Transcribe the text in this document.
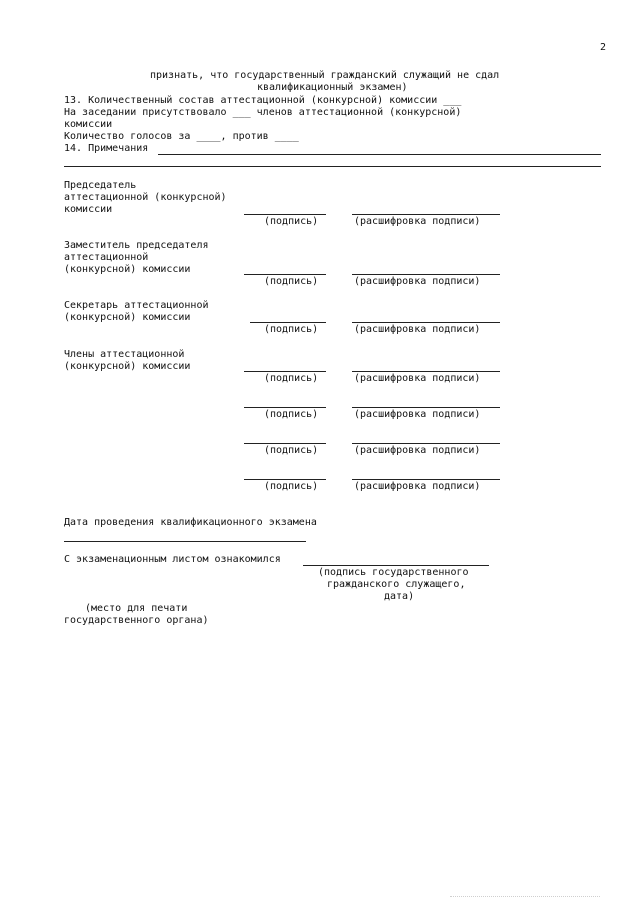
2
признать, что государственный гражданский служащий не сдал
квалификационный экзамен)
13. Количественный состав аттестационной (конкурсной) комиссии ___
На заседании присутствовало ___ членов аттестационной (конкурсной)
комиссии
Количество голосов за ____, против ____
14. Примечания
Председатель
аттестационной (конкурсной)
комиссии
(подпись)	(расшифровка подписи)
Заместитель председателя
аттестационной
(конкурсной) комиссии
(подпись)	(расшифровка подписи)
Секретарь аттестационной
(конкурсной) комиссии
(подпись)	(расшифровка подписи)
Члены аттестационной
(конкурсной) комиссии
(подпись)	(расшифровка подписи)
(подпись)	(расшифровка подписи)
(подпись)	(расшифровка подписи)
(подпись)	(расшифровка подписи)
Дата проведения квалификационного экзамена
С экзаменационным листом ознакомился
(подпись государственного
гражданского служащего,
дата)
(место для печати
государственного органа)
